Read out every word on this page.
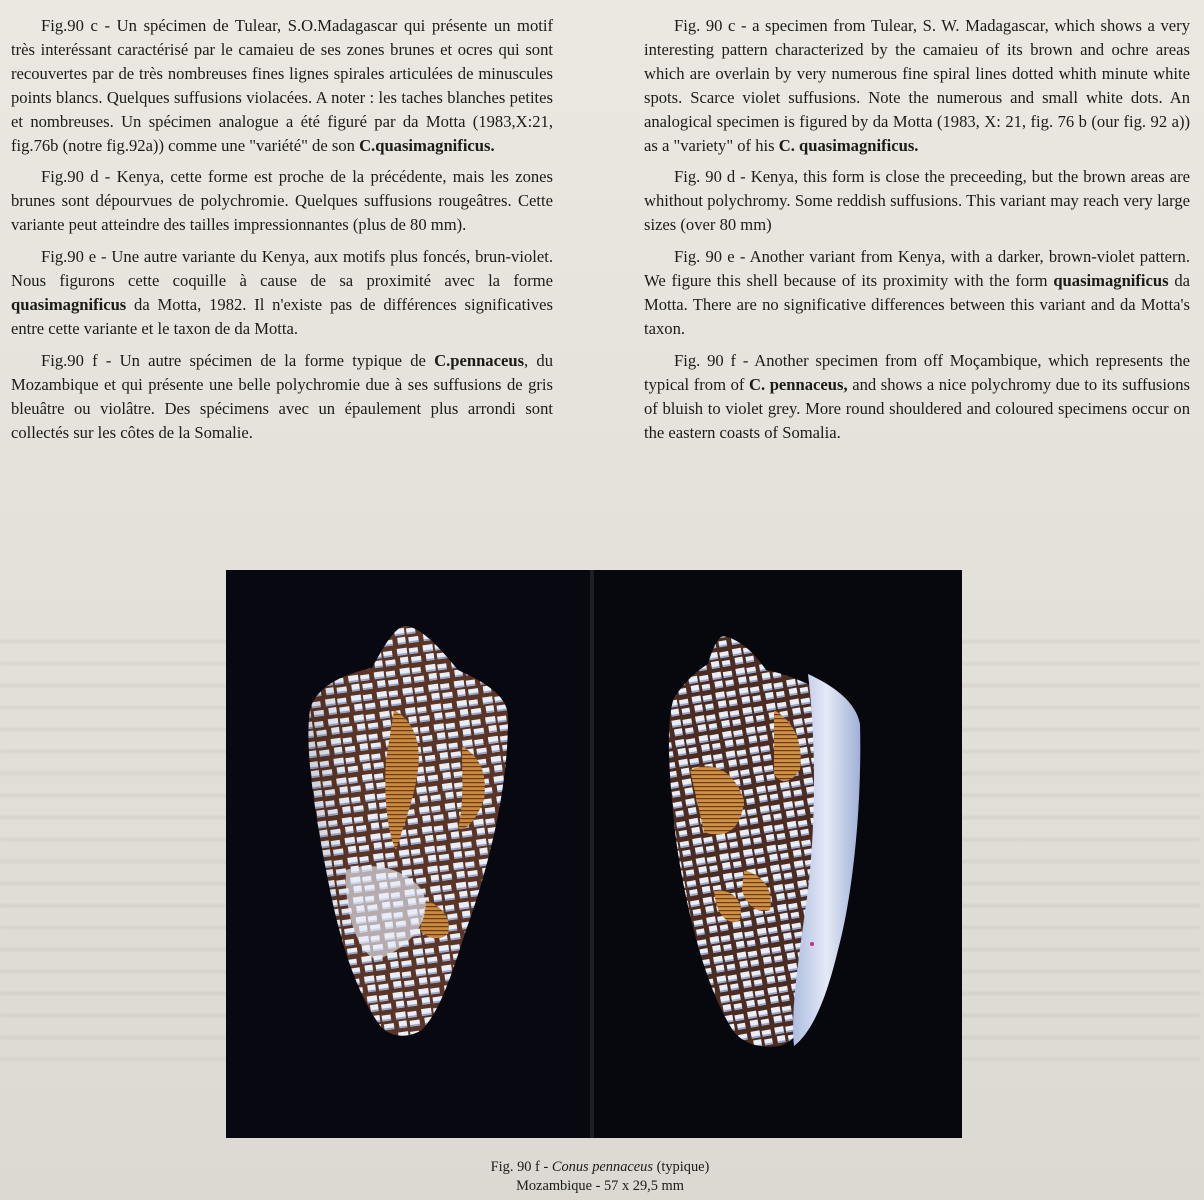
Fig.90 c - Un spécimen de Tulear, S.O.Madagascar qui présente un motif très interéssant caractérisé par le camaieu de ses zones brunes et ocres qui sont recouvertes par de très nombreuses fines lignes spirales articulées de minuscules points blancs. Quelques suffusions violacées. A noter : les taches blanches petites et nombreuses. Un spécimen analogue a été figuré par da Motta (1983,X:21, fig.76b (notre fig.92a)) comme une "variété" de son C.quasimagnificus.

Fig.90 d - Kenya, cette forme est proche de la précédente, mais les zones brunes sont dépourvues de polychromie. Quelques suffusions rougeâtres. Cette variante peut atteindre des tailles impressionnantes (plus de 80 mm).

Fig.90 e - Une autre variante du Kenya, aux motifs plus foncés, brun-violet. Nous figurons cette coquille à cause de sa proximité avec la forme quasimagnificus da Motta, 1982. Il n'existe pas de différences significatives entre cette variante et le taxon de da Motta.

Fig.90 f - Un autre spécimen de la forme typique de C.pennaceus, du Mozambique et qui présente une belle polychromie due à ses suffusions de gris bleuâtre ou violâtre. Des spécimens avec un épaulement plus arrondi sont collectés sur les côtes de la Somalie.

Fig. 90 c - a specimen from Tulear, S. W. Madagascar, which shows a very interesting pattern characterized by the camaieu of its brown and ochre areas which are overlain by very numerous fine spiral lines dotted whith minute white spots. Scarce violet suffusions. Note the numerous and small white dots. An analogical specimen is figured by da Motta (1983, X: 21, fig. 76 b (our fig. 92 a)) as a "variety" of his C. quasimagnificus.

Fig. 90 d - Kenya, this form is close the preceeding, but the brown areas are whithout polychromy. Some reddish suffusions. This variant may reach very large sizes (over 80 mm)

Fig. 90 e - Another variant from Kenya, with a darker, brown-violet pattern. We figure this shell because of its proximity with the form quasimagnificus da Motta. There are no significative differences between this variant and da Motta's taxon.

Fig. 90 f - Another specimen from off Moçambique, which represents the typical from of C. pennaceus, and shows a nice polychromy due to its suffusions of bluish to violet grey. More round shouldered and coloured specimens occur on the eastern coasts of Somalia.

Fig. 90 f - Conus pennaceus (typique)
Mozambique - 57 x 29,5 mm
